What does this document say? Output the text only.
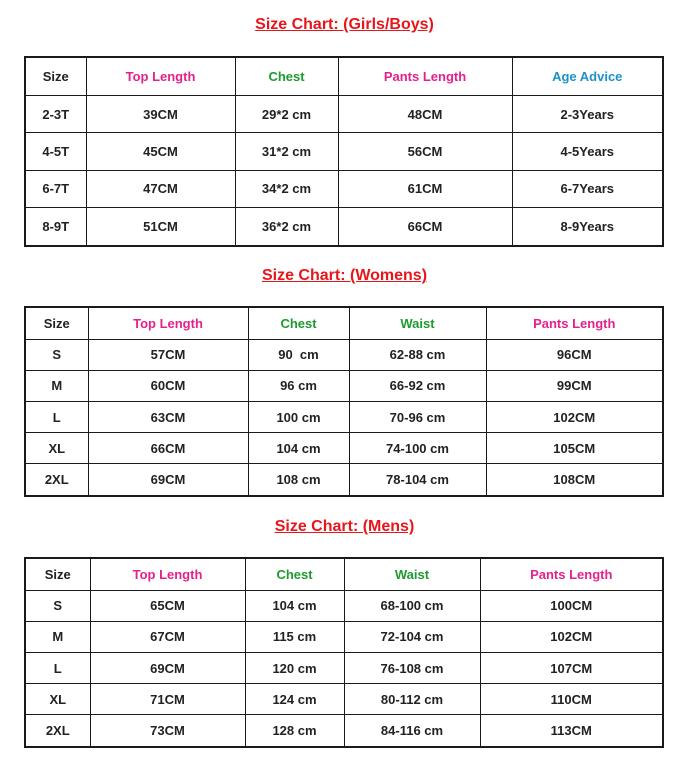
Size Chart: (Girls/Boys)
Size	Top Length	Chest	Pants Length	Age Advice
2-3T	39CM	29*2 cm	48CM	2-3Years
4-5T	45CM	31*2 cm	56CM	4-5Years
6-7T	47CM	34*2 cm	61CM	6-7Years
8-9T	51CM	36*2 cm	66CM	8-9Years
Size Chart: (Womens)
Size	Top Length	Chest	Waist	Pants Length
S	57CM	90  cm	62-88 cm	96CM
M	60CM	96 cm	66-92 cm	99CM
L	63CM	100 cm	70-96 cm	102CM
XL	66CM	104 cm	74-100 cm	105CM
2XL	69CM	108 cm	78-104 cm	108CM
Size Chart: (Mens)
Size	Top Length	Chest	Waist	Pants Length
S	65CM	104 cm	68-100 cm	100CM
M	67CM	115 cm	72-104 cm	102CM
L	69CM	120 cm	76-108 cm	107CM
XL	71CM	124 cm	80-112 cm	110CM
2XL	73CM	128 cm	84-116 cm	113CM
